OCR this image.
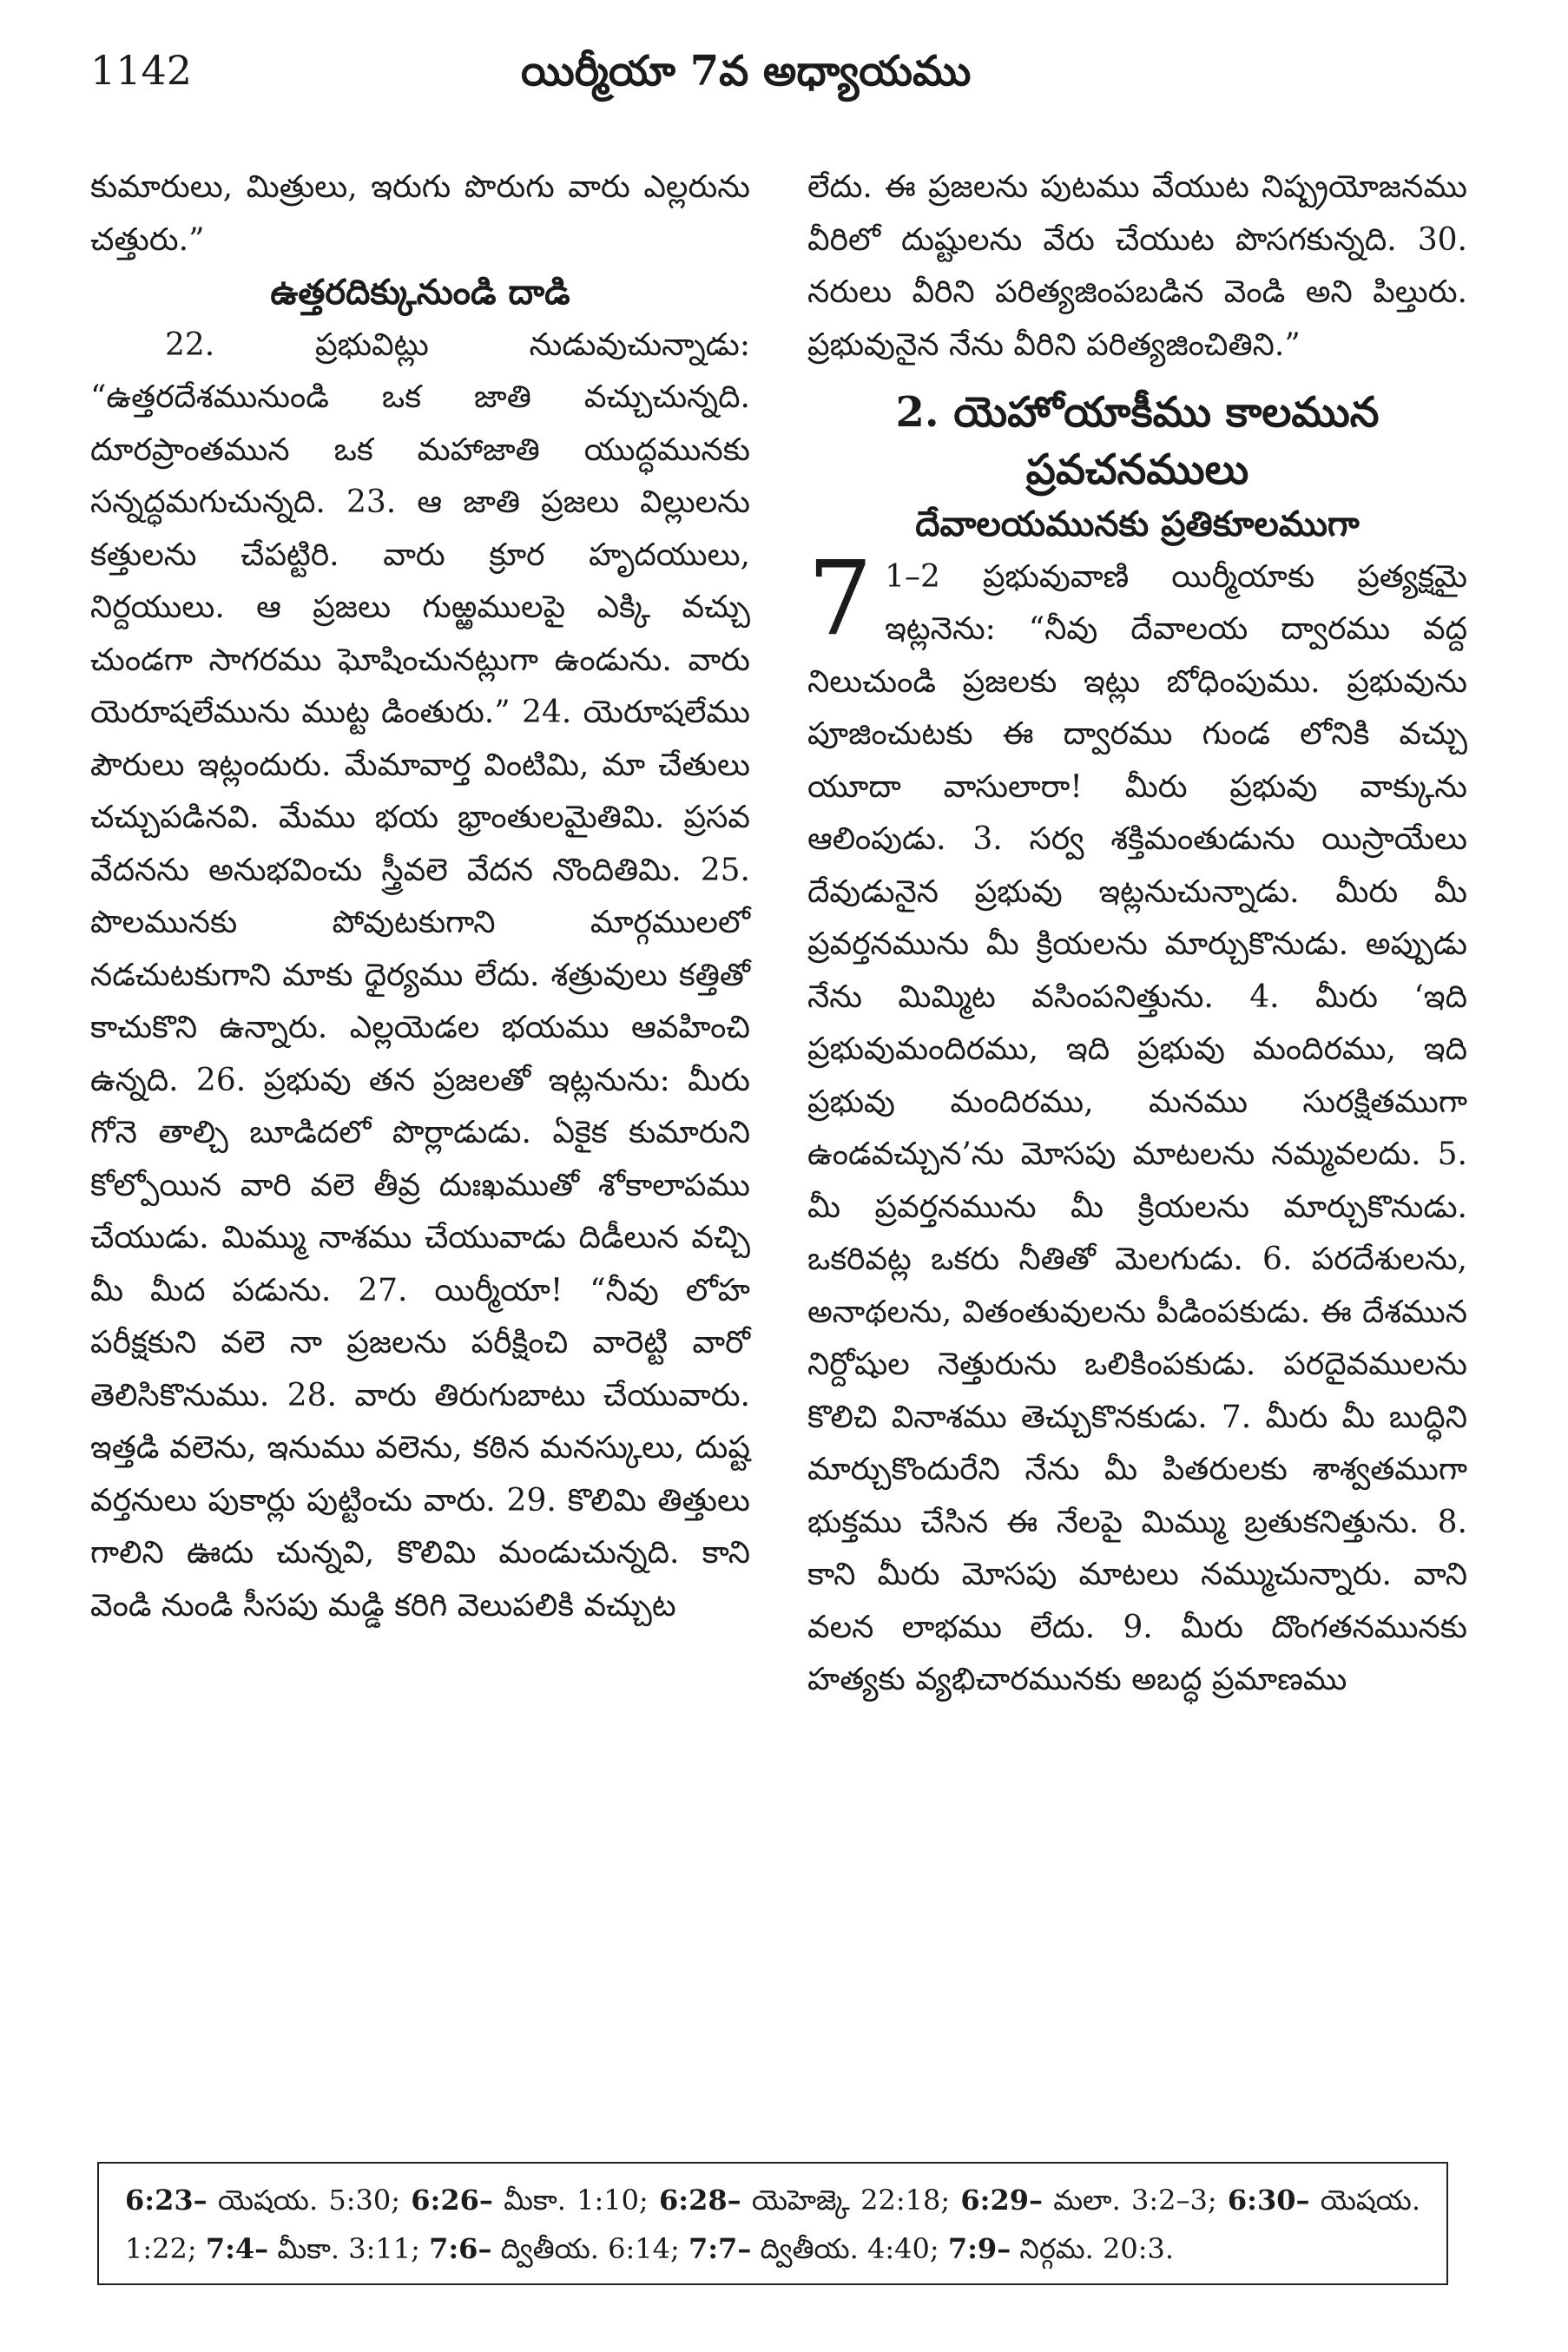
1142	యిర్మీయా 7వ అధ్యాయము

కుమారులు, మిత్రులు, ఇరుగు పొరుగు వారు ఎల్లరును చత్తురు.”

ఉత్తరదిక్కునుండి దాడి

22. ప్రభువిట్లు నుడువుచున్నాడు: “ఉత్తరదేశమునుండి ఒక జాతి వచ్చుచున్నది. దూరప్రాంతమున ఒక మహాజాతి యుద్ధమునకు సన్నద్ధమగుచున్నది. 23. ఆ జాతి ప్రజలు విల్లులను కత్తులను చేపట్టిరి. వారు క్రూర హృదయులు, నిర్దయులు. ఆ ప్రజలు గుఱ్ఱములపై ఎక్కి వచ్చు చుండగా సాగరము ఘోషించునట్లుగా ఉండును. వారు యెరూషలేమును ముట్ట డింతురు.” 24. యెరూషలేము పౌరులు ఇట్లందురు. మేమావార్త వింటిమి, మా చేతులు చచ్చుపడినవి. మేము భయ భ్రాంతులమైతిమి. ప్రసవ వేదనను అనుభవించు స్త్రీవలె వేదన నొందితిమి. 25. పొలమునకు పోవుటకుగాని మార్గములలో నడచుటకుగాని మాకు ధైర్యము లేదు. శత్రువులు కత్తితో కాచుకొని ఉన్నారు. ఎల్లయెడల భయము ఆవహించి ఉన్నది. 26. ప్రభువు తన ప్రజలతో ఇట్లనును: మీరు గోనె తాల్చి బూడిదలో పొర్లాడుడు. ఏకైక కుమారుని కోల్పోయిన వారి వలె తీవ్ర దుఃఖముతో శోకాలాపము చేయుడు. మిమ్ము నాశము చేయువాడు దిడీలున వచ్చి మీ మీద పడును. 27. యిర్మీయా! “నీవు లోహ పరీక్షకుని వలె నా ప్రజలను పరీక్షించి వారెట్టి వారో తెలిసికొనుము. 28. వారు తిరుగుబాటు చేయువారు. ఇత్తడి వలెను, ఇనుము వలెను, కఠిన మనస్కులు, దుష్ట వర్తనులు పుకార్లు పుట్టించు వారు. 29. కొలిమి తిత్తులు గాలిని ఊదు చున్నవి, కొలిమి మండుచున్నది. కాని వెండి నుండి సీసపు మడ్డి కరిగి వెలుపలికి వచ్చుట

లేదు. ఈ ప్రజలను పుటము వేయుట నిష్ప్రయోజనము వీరిలో దుష్టులను వేరు చేయుట పొసగకున్నది. 30. నరులు వీరిని పరిత్యజింపబడిన వెండి అని పిల్తురు. ప్రభువునైన నేను వీరిని పరిత్యజించితిని.”

2. యెహోయాకీము కాలమున ప్రవచనములు

దేవాలయమునకు ప్రతికూలముగా

7 1–2 ప్రభువువాణి యిర్మీయాకు ప్రత్యక్షమై ఇట్లనెను: “నీవు దేవాలయ ద్వారము వద్ద నిలుచుండి ప్రజలకు ఇట్లు బోధింపుము. ప్రభువును పూజించుటకు ఈ ద్వారము గుండ లోనికి వచ్చు యూదా వాసులారా! మీరు ప్రభువు వాక్కును ఆలింపుడు. 3. సర్వ శక్తిమంతుడును యిస్రాయేలు దేవుడునైన ప్రభువు ఇట్లనుచున్నాడు. మీరు మీ ప్రవర్తనమును మీ క్రియలను మార్చుకొనుడు. అప్పుడు నేను మిమ్మిట వసింపనిత్తును. 4. మీరు ‘ఇది ప్రభువుమందిరము, ఇది ప్రభువు మందిరము, ఇది ప్రభువు మందిరము, మనము సురక్షితముగా ఉండవచ్చున’ను మోసపు మాటలను నమ్మవలదు. 5. మీ ప్రవర్తనమును మీ క్రియలను మార్చుకొనుడు. ఒకరివట్ల ఒకరు నీతితో మెలగుడు. 6. పరదేశులను, అనాథలను, వితంతువులను పీడింపకుడు. ఈ దేశమున నిర్దోషుల నెత్తురును ఒలికింపకుడు. పరదైవములను కొలిచి వినాశము తెచ్చుకొనకుడు. 7. మీరు మీ బుద్ధిని మార్చుకొందురేని నేను మీ పితరులకు శాశ్వతముగా భుక్తము చేసిన ఈ నేలపై మిమ్ము బ్రతుకనిత్తును. 8. కాని మీరు మోసపు మాటలు నమ్ముచున్నారు. వాని వలన లాభము లేదు. 9. మీరు దొంగతనమునకు హత్యకు వ్యభిచారమునకు అబద్ధ ప్రమాణము
6:23– యెషయ. 5:30; 6:26– మీకా. 1:10; 6:28– యెహెజ్కె 22:18; 6:29– మలా. 3:2–3; 6:30– యెషయ. 1:22; 7:4– మీకా. 3:11; 7:6– ద్వితీయ. 6:14; 7:7– ద్వితీయ. 4:40; 7:9– నిర్గమ. 20:3.
